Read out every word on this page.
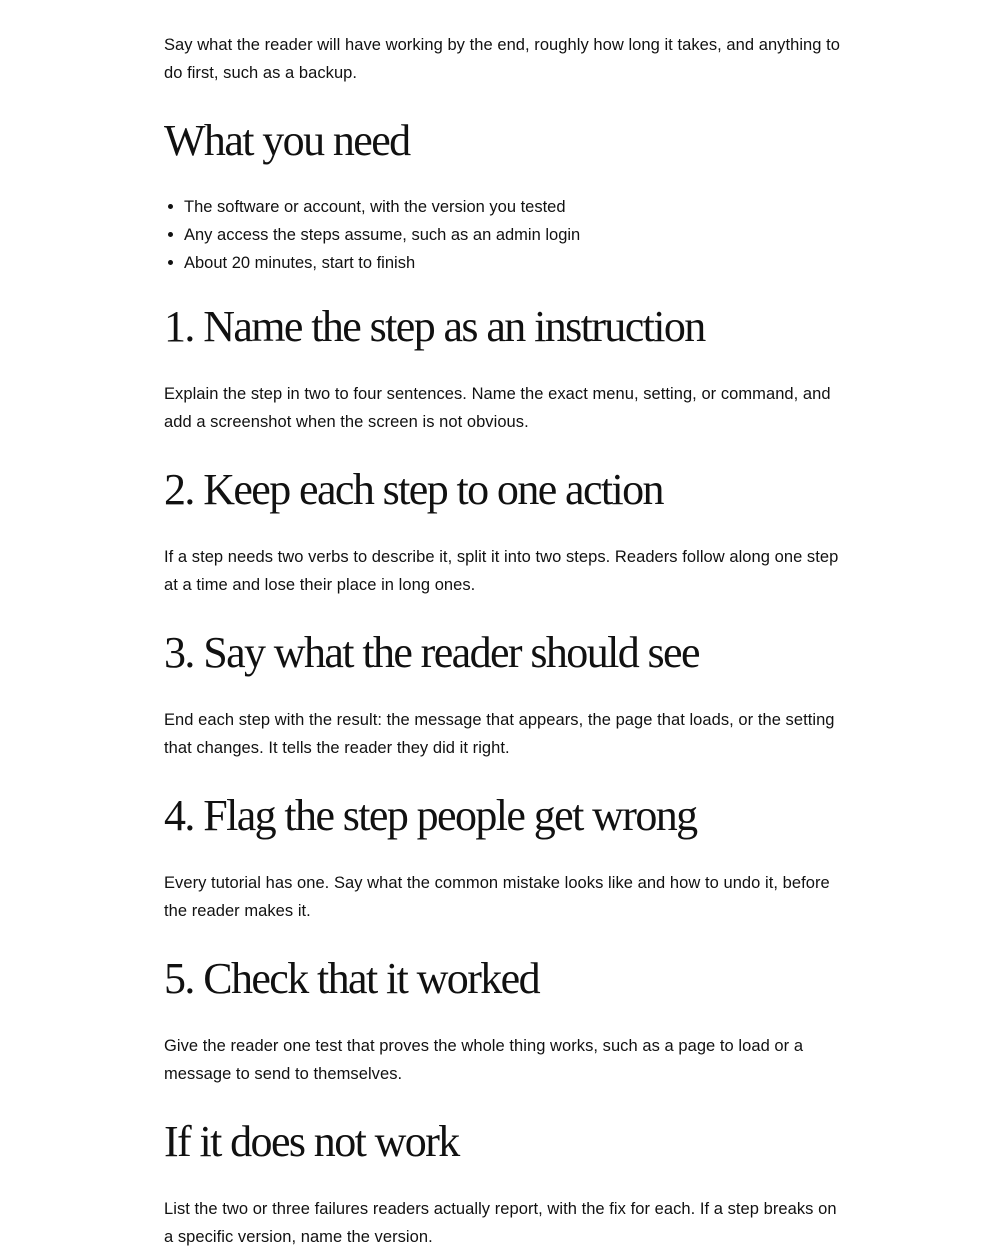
Say what the reader will have working by the end, roughly how long it takes, and anything to do first, such as a backup.

What you need
The software or account, with the version you tested
Any access the steps assume, such as an admin login
About 20 minutes, start to finish
1. Name the step as an instruction

Explain the step in two to four sentences. Name the exact menu, setting, or command, and add a screenshot when the screen is not obvious.

2. Keep each step to one action

If a step needs two verbs to describe it, split it into two steps. Readers follow along one step at a time and lose their place in long ones.

3. Say what the reader should see

End each step with the result: the message that appears, the page that loads, or the setting that changes. It tells the reader they did it right.

4. Flag the step people get wrong

Every tutorial has one. Say what the common mistake looks like and how to undo it, before the reader makes it.

5. Check that it worked

Give the reader one test that proves the whole thing works, such as a page to load or a message to send to themselves.

If it does not work

List the two or three failures readers actually report, with the fix for each. If a step breaks on a specific version, name the version.
